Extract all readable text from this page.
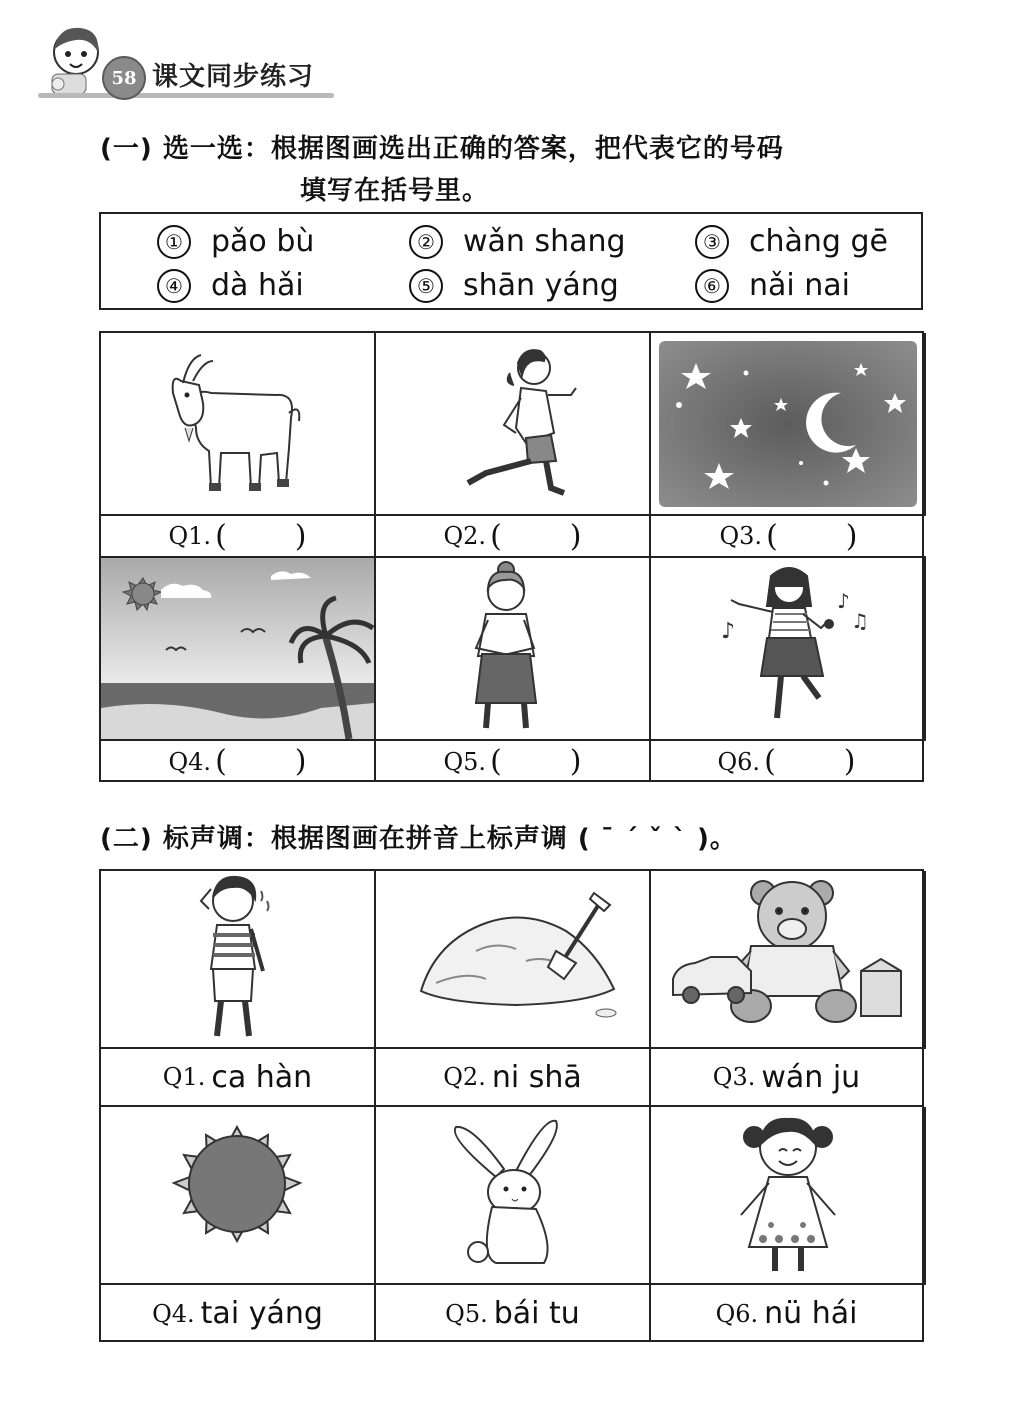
58 课文同步练习
(一) 选一选：根据图画选出正确的答案，把代表它的号码
填写在括号里。
① pǎo bù	② wǎn shang	③ chàng gē
④ dà hǎi	⑤ shān yáng	⑥ nǎi nai
Q1. ( )	Q2. ( )	Q3. ( )
♪
♪
♫
Q4. ( )	Q5. ( )	Q6. ( )
(二) 标声调：根据图画在拼音上标声调 ( ˉ ˊ ˇ ˋ )。
Q1. ca hàn	Q2. ni shā	Q3. wán ju
Q4. tai yáng	Q5. bái tu	Q6. nü hái
